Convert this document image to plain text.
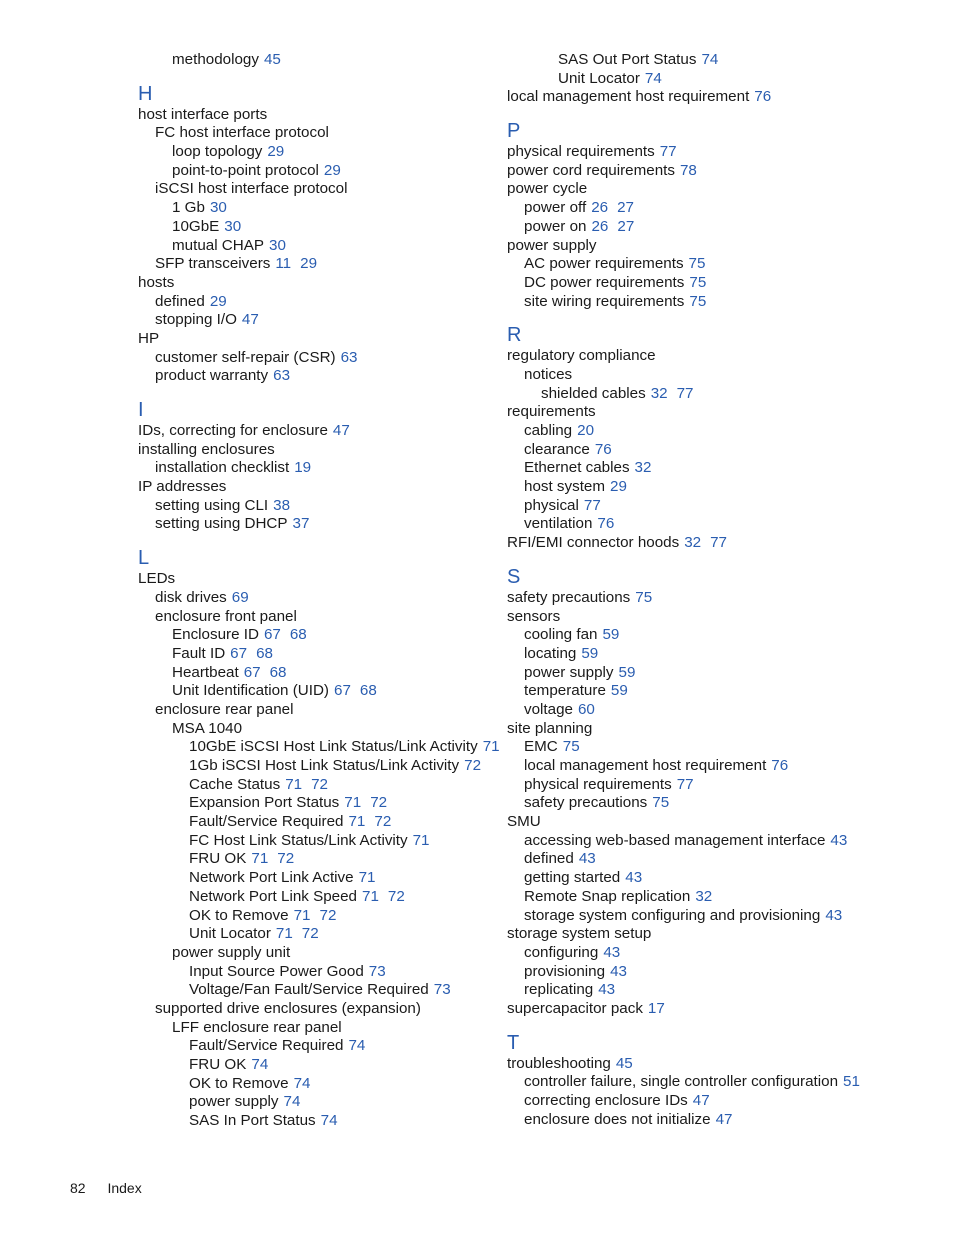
methodology 45
H
host interface ports
FC host interface protocol
loop topology 29
point-to-point protocol 29
iSCSI host interface protocol
1 Gb 30
10GbE 30
mutual CHAP 30
SFP transceivers 11 29
hosts
defined 29
stopping I/O 47
HP
customer self-repair (CSR) 63
product warranty 63
I
IDs, correcting for enclosure 47
installing enclosures
installation checklist 19
IP addresses
setting using CLI 38
setting using DHCP 37
L
LEDs
disk drives 69
enclosure front panel
Enclosure ID 67 68
Fault ID 67 68
Heartbeat 67 68
Unit Identification (UID) 67 68
enclosure rear panel
MSA 1040
10GbE iSCSI Host Link Status/Link Activity 71
1Gb iSCSI Host Link Status/Link Activity 72
Cache Status 71 72
Expansion Port Status 71 72
Fault/Service Required 71 72
FC Host Link Status/Link Activity 71
FRU OK 71 72
Network Port Link Active 71
Network Port Link Speed 71 72
OK to Remove 71 72
Unit Locator 71 72
power supply unit
Input Source Power Good 73
Voltage/Fan Fault/Service Required 73
supported drive enclosures (expansion)
LFF enclosure rear panel
Fault/Service Required 74
FRU OK 74
OK to Remove 74
power supply 74
SAS In Port Status 74
SAS Out Port Status 74
Unit Locator 74
local management host requirement 76
P
physical requirements 77
power cord requirements 78
power cycle
power off 26 27
power on 26 27
power supply
AC power requirements 75
DC power requirements 75
site wiring requirements 75
R
regulatory compliance
notices
shielded cables 32 77
requirements
cabling 20
clearance 76
Ethernet cables 32
host system 29
physical 77
ventilation 76
RFI/EMI connector hoods 32 77
S
safety precautions 75
sensors
cooling fan 59
locating 59
power supply 59
temperature 59
voltage 60
site planning
EMC 75
local management host requirement 76
physical requirements 77
safety precautions 75
SMU
accessing web-based management interface 43
defined 43
getting started 43
Remote Snap replication 32
storage system configuring and provisioning 43
storage system setup
configuring 43
provisioning 43
replicating 43
supercapacitor pack 17
T
troubleshooting 45
controller failure, single controller configuration 51
correcting enclosure IDs 47
enclosure does not initialize 47
82 Index
